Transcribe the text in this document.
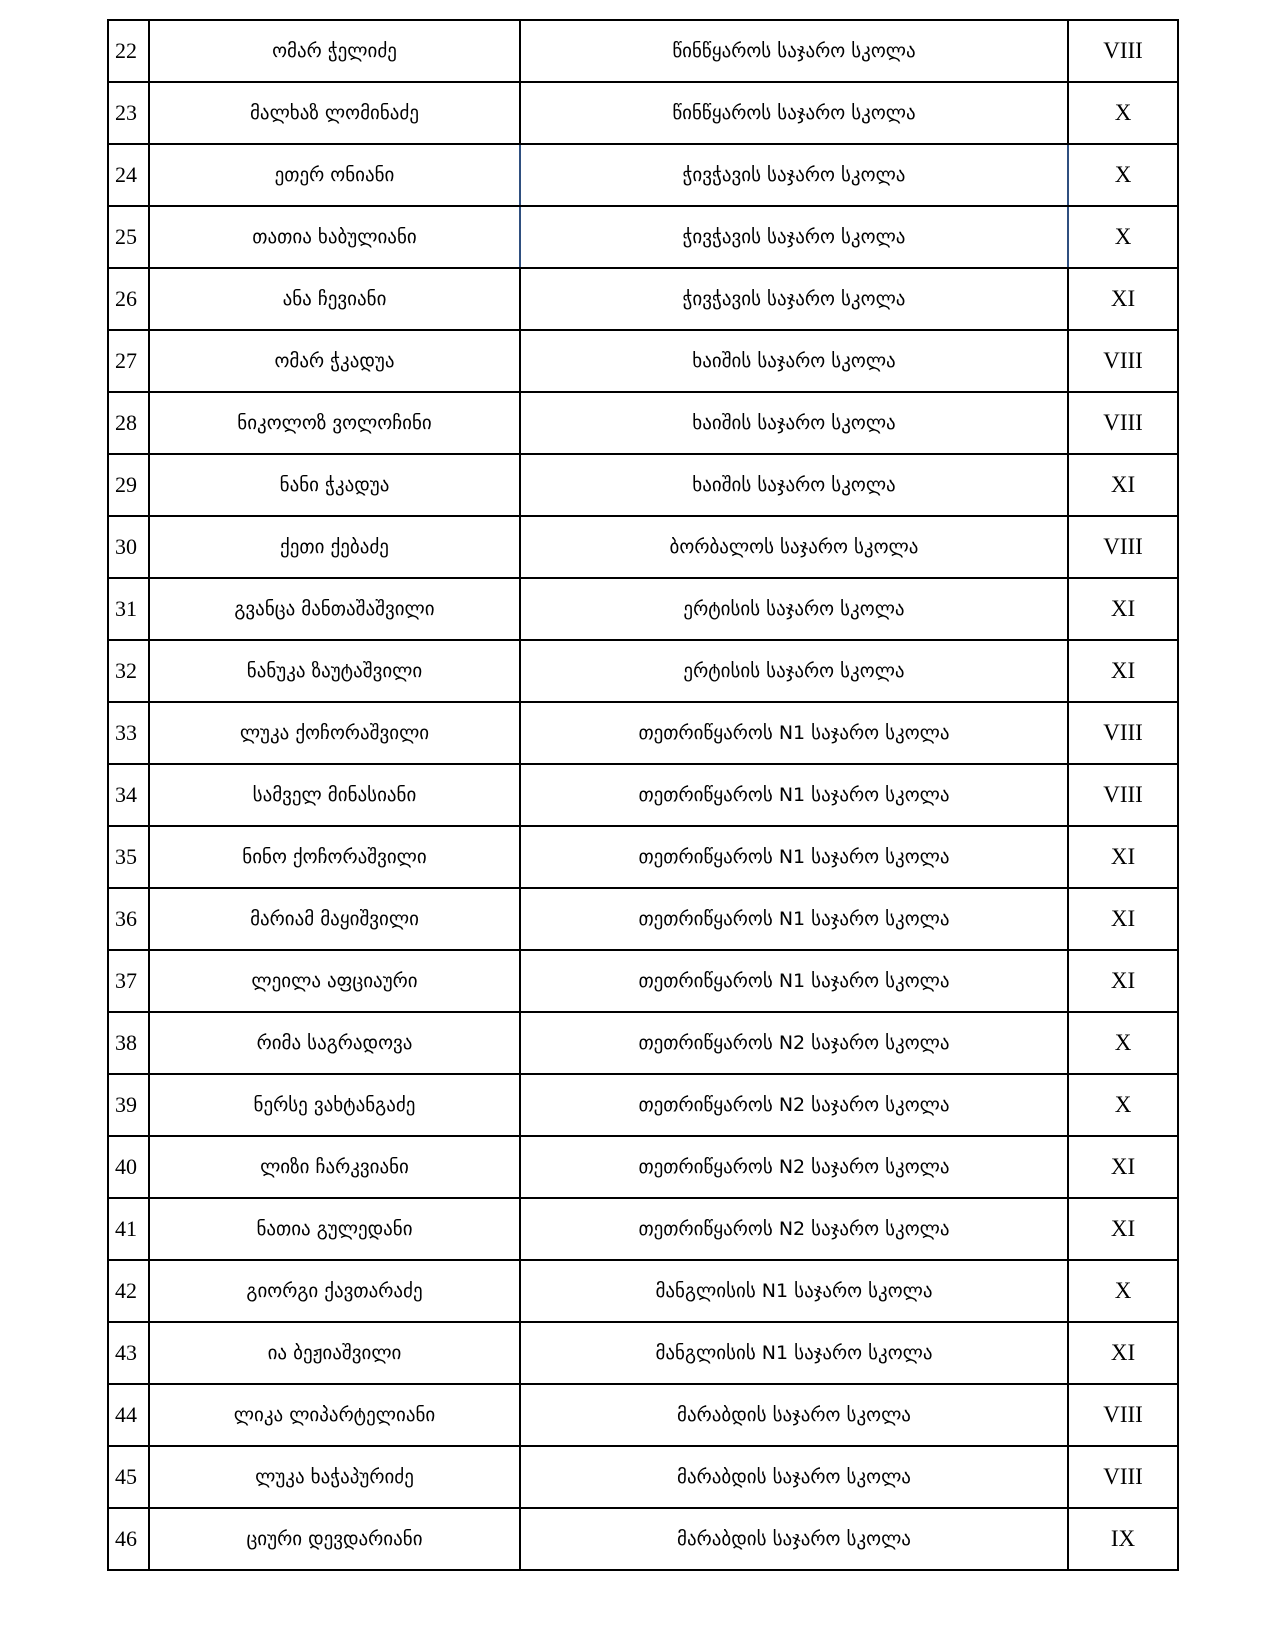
22	ომარ ჭელიძე	წინწყაროს საჯარო სკოლა	VIII
23	მალხაზ ლომინაძე	წინწყაროს საჯარო სკოლა	X
24	ეთერ ონიანი	ჭივჭავის საჯარო სკოლა	X
25	თათია ხაბულიანი	ჭივჭავის საჯარო სკოლა	X
26	ანა ჩევიანი	ჭივჭავის საჯარო სკოლა	XI
27	ომარ ჭკადუა	ხაიშის საჯარო სკოლა	VIII
28	ნიკოლოზ ვოლოჩინი	ხაიშის საჯარო სკოლა	VIII
29	ნანი ჭკადუა	ხაიშის საჯარო სკოლა	XI
30	ქეთი ქებაძე	ბორბალოს საჯარო სკოლა	VIII
31	გვანცა მანთაშაშვილი	ერტისის საჯარო სკოლა	XI
32	ნანუკა ზაუტაშვილი	ერტისის საჯარო სკოლა	XI
33	ლუკა ქოჩორაშვილი	თეთრიწყაროს N1 საჯარო სკოლა	VIII
34	სამველ მინასიანი	თეთრიწყაროს N1 საჯარო სკოლა	VIII
35	ნინო ქოჩორაშვილი	თეთრიწყაროს N1 საჯარო სკოლა	XI
36	მარიამ მაყიშვილი	თეთრიწყაროს N1 საჯარო სკოლა	XI
37	ლეილა აფციაური	თეთრიწყაროს N1 საჯარო სკოლა	XI
38	რიმა საგრადოვა	თეთრიწყაროს N2 საჯარო სკოლა	X
39	ნერსე ვახტანგაძე	თეთრიწყაროს N2 საჯარო სკოლა	X
40	ლიზი ჩარკვიანი	თეთრიწყაროს N2 საჯარო სკოლა	XI
41	ნათია გულედანი	თეთრიწყაროს N2 საჯარო სკოლა	XI
42	გიორგი ქავთარაძე	მანგლისის N1 საჯარო სკოლა	X
43	ია ბეჟიაშვილი	მანგლისის N1 საჯარო სკოლა	XI
44	ლიკა ლიპარტელიანი	მარაბდის საჯარო სკოლა	VIII
45	ლუკა ხაჭაპურიძე	მარაბდის საჯარო სკოლა	VIII
46	ციური დევდარიანი	მარაბდის საჯარო სკოლა	IX
